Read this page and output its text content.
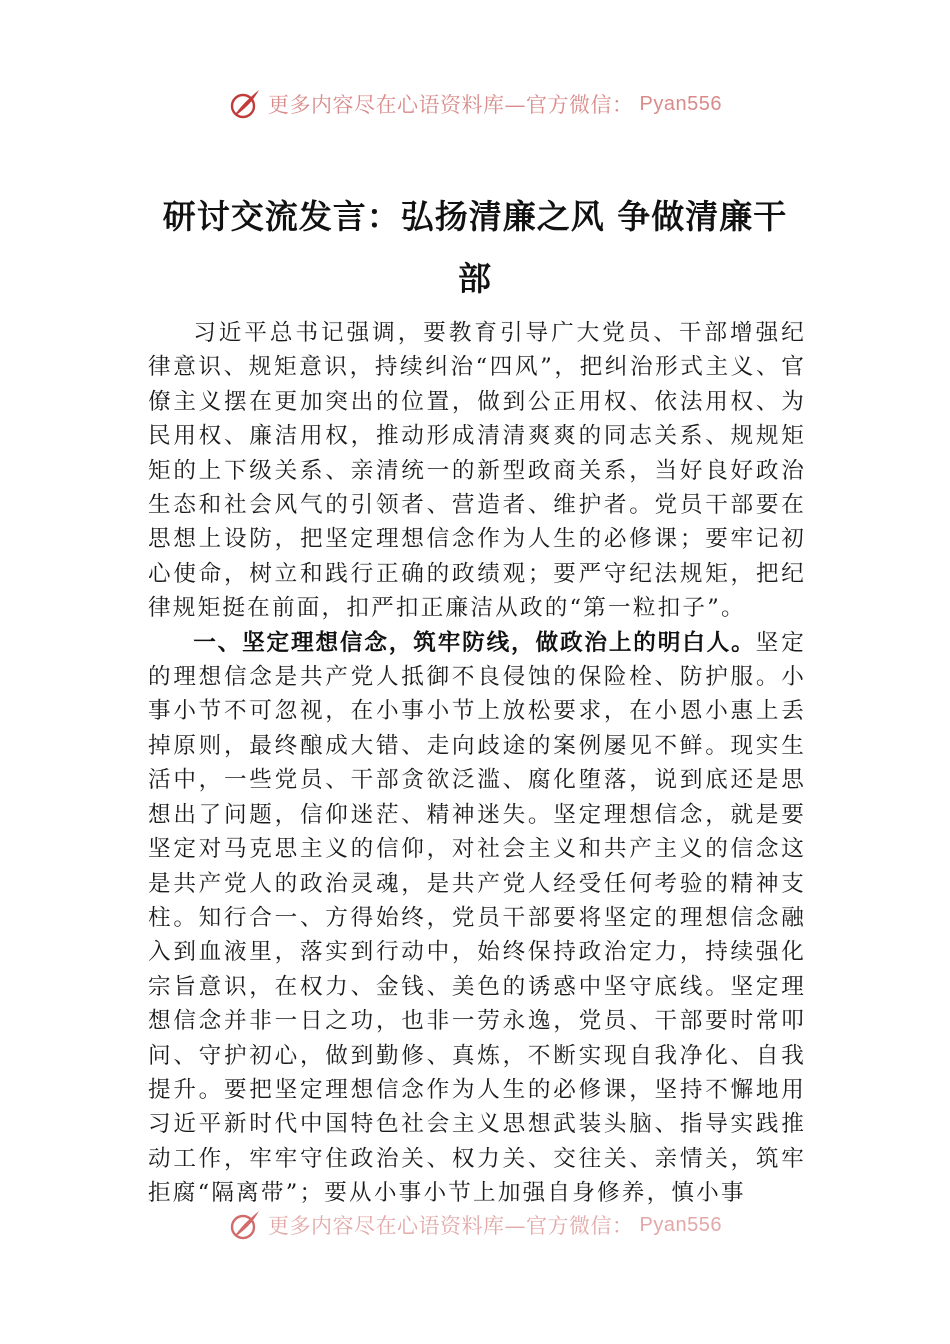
更多内容尽在心语资料库—官方微信： Pyan556
研讨交流发言：弘扬清廉之风 争做清廉干部

习近平总书记强调，要教育引导广大党员、干部增强纪律意识、规矩意识，持续纠治“四风”，把纠治形式主义、官僚主义摆在更加突出的位置，做到公正用权、依法用权、为民用权、廉洁用权，推动形成清清爽爽的同志关系、规规矩矩的上下级关系、亲清统一的新型政商关系，当好良好政治生态和社会风气的引领者、营造者、维护者。党员干部要在思想上设防，把坚定理想信念作为人生的必修课；要牢记初心使命，树立和践行正确的政绩观；要严守纪法规矩，把纪律规矩挺在前面，扣严扣正廉洁从政的“第一粒扣子”。

一、坚定理想信念，筑牢防线，做政治上的明白人。坚定的理想信念是共产党人抵御不良侵蚀的保险栓、防护服。小事小节不可忽视，在小事小节上放松要求，在小恩小惠上丢掉原则，最终酿成大错、走向歧途的案例屡见不鲜。现实生活中，一些党员、干部贪欲泛滥、腐化堕落，说到底还是思想出了问题，信仰迷茫、精神迷失。坚定理想信念，就是要坚定对马克思主义的信仰，对社会主义和共产主义的信念这是共产党人的政治灵魂，是共产党人经受任何考验的精神支柱。知行合一、方得始终，党员干部要将坚定的理想信念融入到血液里，落实到行动中，始终保持政治定力，持续强化宗旨意识，在权力、金钱、美色的诱惑中坚守底线。坚定理想信念并非一日之功，也非一劳永逸，党员、干部要时常叩问、守护初心，做到勤修、真炼，不断实现自我净化、自我提升。要把坚定理想信念作为人生的必修课，坚持不懈地用习近平新时代中国特色社会主义思想武装头脑、指导实践推动工作，牢牢守住政治关、权力关、交往关、亲情关，筑牢拒腐“隔离带”；要从小事小节上加强自身修养，慎小事

更多内容尽在心语资料库—官方微信： Pyan556
